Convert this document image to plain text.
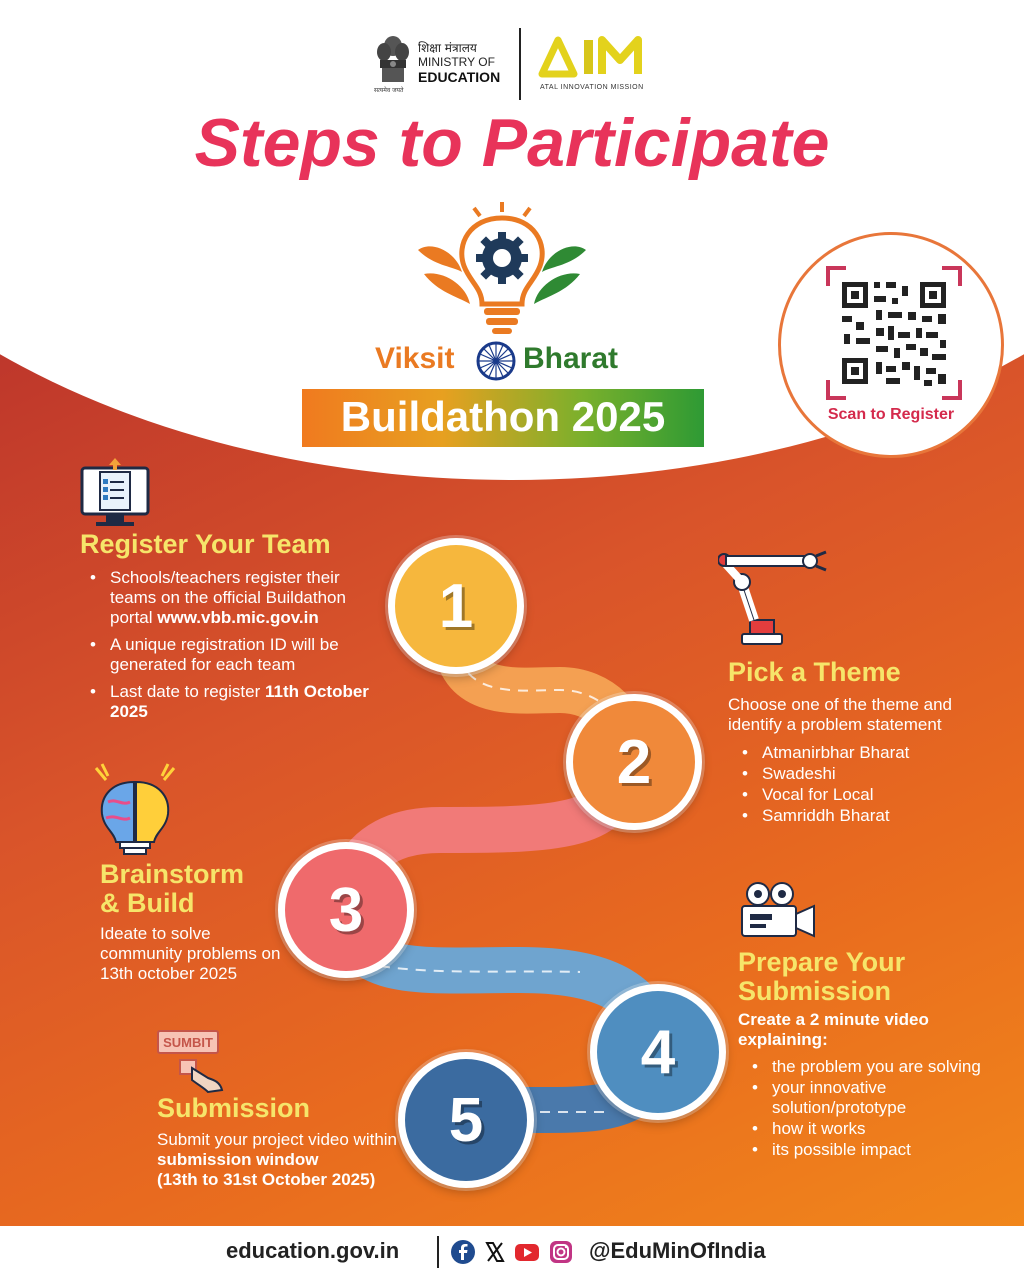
शिक्षा मंत्रालय
MINISTRY OF
EDUCATION
सत्यमेव जयते	ATAL INNOVATION MISSION
Steps to Participate
Viksit Bharat
Buildathon 2025	Scan to Register
1
2
3
4
5
Register Your Team
• Schools/teachers register their teams on the official Buildathon portal www.vbb.mic.gov.in
• A unique registration ID will be generated for each team
• Last date to register 11th October 2025
Pick a Theme
Choose one of the theme and identify a problem statement
• Atmanirbhar Bharat
• Swadeshi
• Vocal for Local
• Samriddh Bharat
Brainstorm
& Build
Ideate to solve community problems on 13th october 2025	Prepare Your
Submission
Create a 2 minute video explaining:
• the problem you are solving
• your innovative solution/prototype
• how it works
• its possible impact
SUMBIT
Submission
Submit your project video within submission window
(13th to 31st October 2025)
education.gov.in	@EduMinOfIndia
